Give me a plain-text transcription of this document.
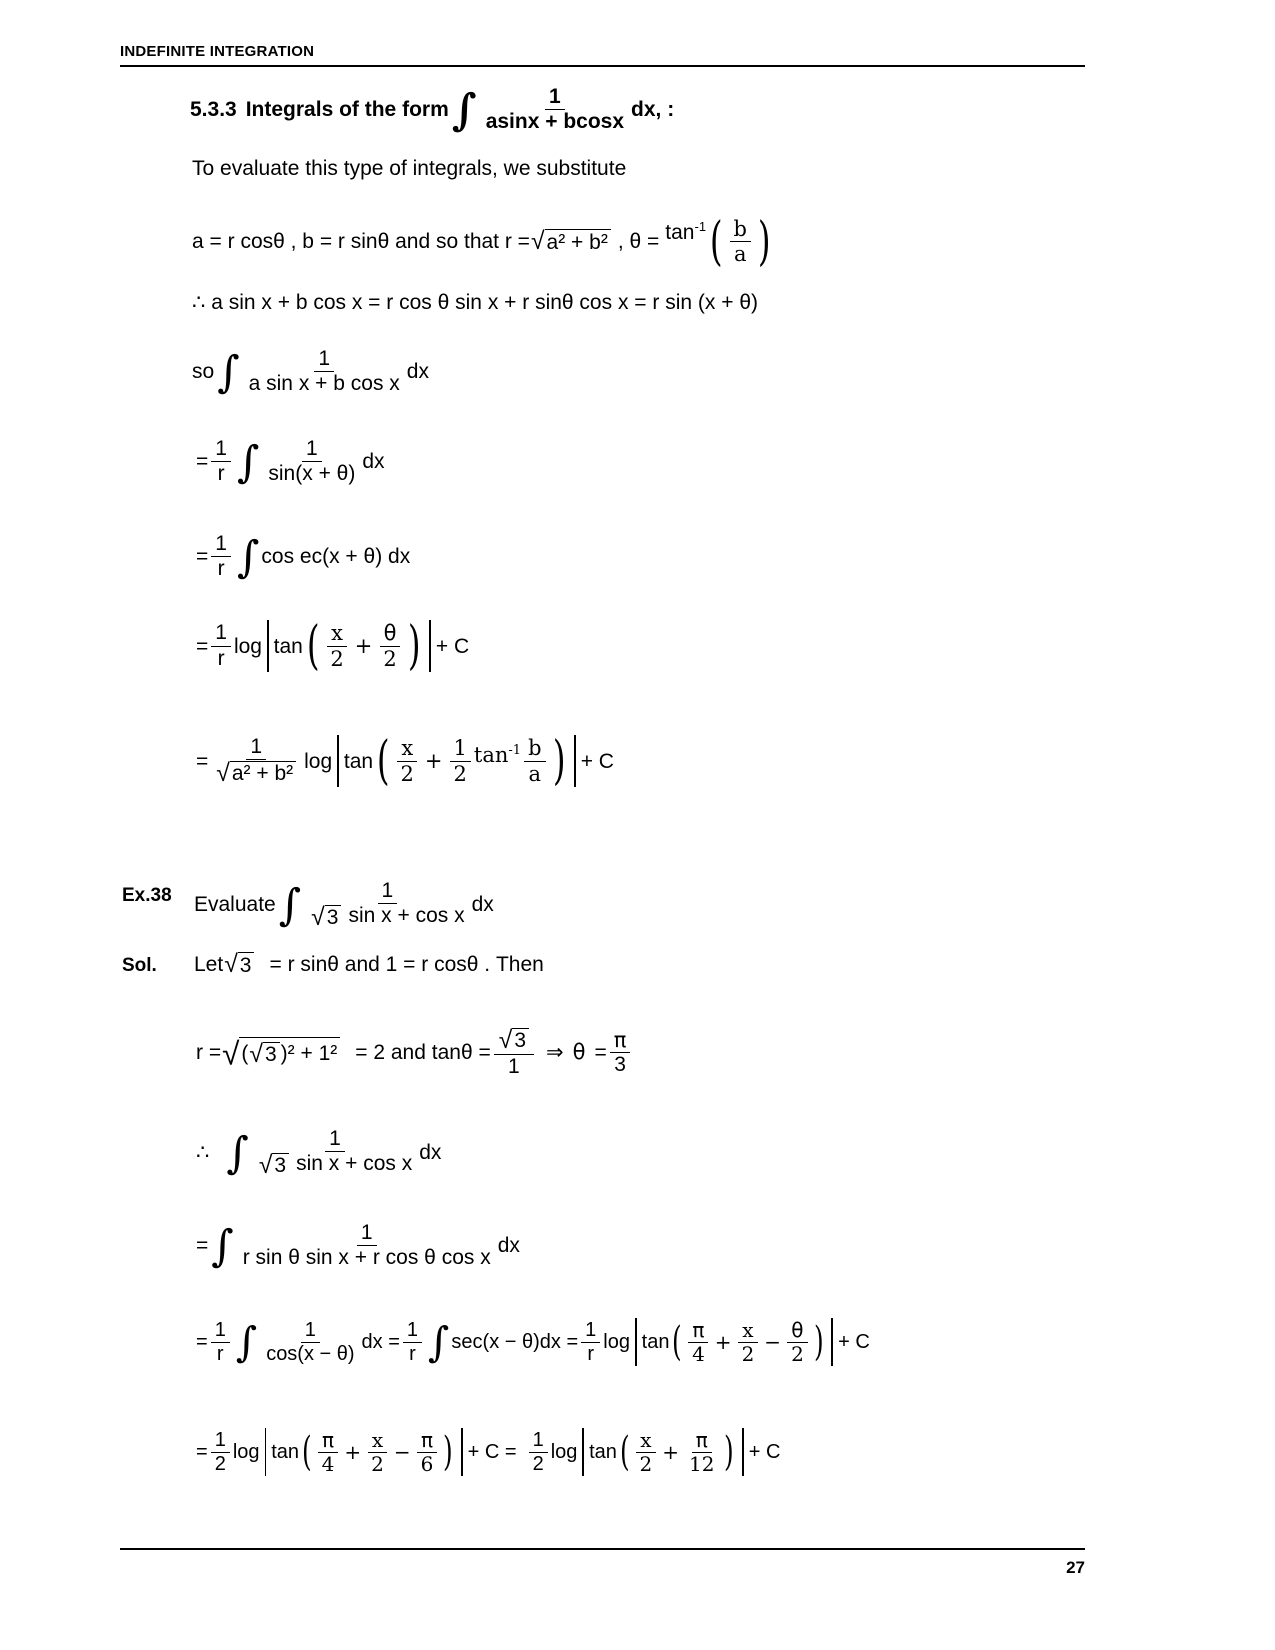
INDEFINITE INTEGRATION
5.3.3 Integrals of the form ∫ $\frac{1}{asinx + bcosx}$ dx, :
To evaluate this type of integrals, we substitute
a = r cosθ , b = r sinθ and so that r = √ a² + b² , $\theta = \tan^{-1}$ ( $\frac{b}{a}$ )
∴ a sin x + b cos x = r cos θ sin x + r sinθ cos x = r sin (x + θ)
so ∫ $\frac{1}{\text{a sin x + b cos x}}$ dx
= $\frac{1}{r}$ ∫ $\frac{1}{\sin(x + \theta)}$ dx
= $\frac{1}{r}$ ∫ cos ec(x + θ) dx
= $\frac{1}{r}$ log tan ( $\frac{x}{2} + \frac{\theta}{2}$ ) + C
= $\frac{1}{\text{√ a² + b²}}$ log tan ( $\frac{x}{2} + \frac{1}{2} \tan^{-1} \frac{b}{a}$ ) + C
Ex.38 Evaluate ∫	1
√ 3 sin x + cos x dx
Sol. Let √ 3 = r sinθ and 1 = r cosθ . Then
r = √ ( √ 3 )² + 1² = 2 and $\tan\theta = \frac{√ 3}{1}$ ⇒ $\theta = \frac{\pi}{3}$
∴ ∫	1
√ 3 sin x + cos x dx
= ∫ $\frac{1}{\text{r sin θ sin x + r cos θ cos x}}$ dx
= $\frac{1}{r}$ ∫ $\frac{1}{\cos(x - \theta)}$ dx = $\frac{1}{r}$ ∫ $\sec(x - \theta)dx = \frac{1}{r}$ log tan ( $\frac{\pi}{4} + \frac{x}{2} - \frac{\theta}{2}$ ) + C
= $\frac{1}{2}$ log tan ( $\frac{\pi}{4} + \frac{x}{2} - \frac{\pi}{6}$ ) + $C = \frac{1}{2}$ log tan ( $\frac{x}{2} + \frac{\pi}{12}$ ) + C
27
